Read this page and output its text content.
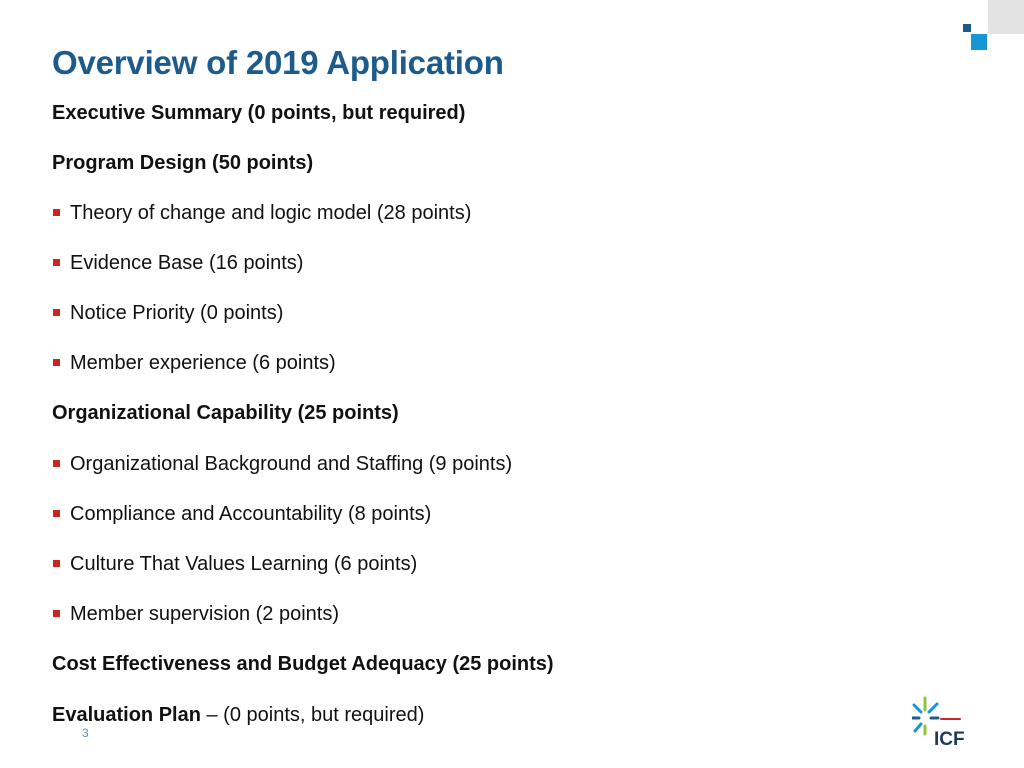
Overview of 2019 Application
Executive Summary (0 points, but required)
Program Design (50 points)
Theory of change and logic model (28 points)
Evidence Base (16 points)
Notice Priority (0 points)
Member experience (6 points)
Organizational Capability (25 points)
Organizational Background and Staffing (9 points)
Compliance and Accountability (8 points)
Culture That Values Learning (6 points)
Member supervision (2 points)
Cost Effectiveness and Budget Adequacy (25 points)
Evaluation Plan – (0 points, but required)
3	ICF
